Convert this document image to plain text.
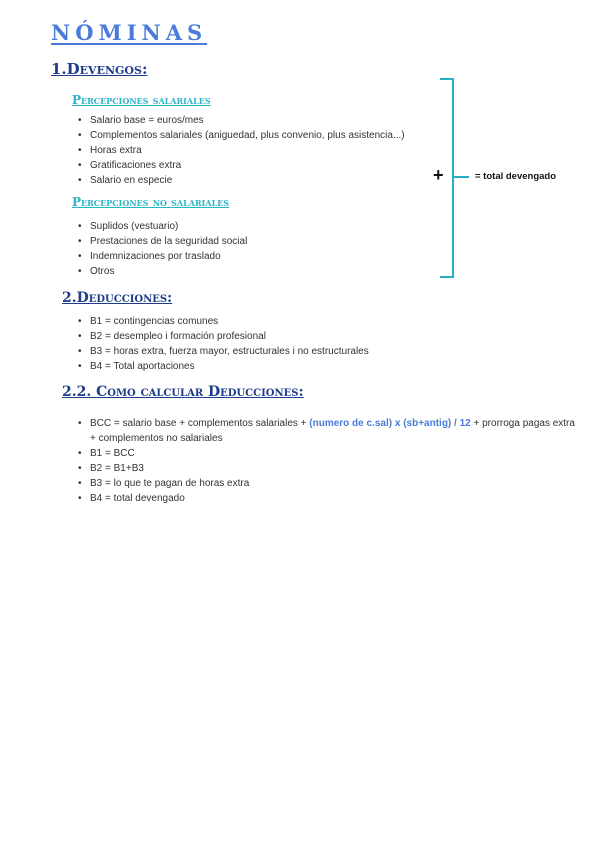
NÓMINAS
1.Devengos:
Percepciones salariales
• Salario base = euros/mes
• Complementos salariales (aniguedad, plus convenio, plus asistencia...)
• Horas extra
• Gratificaciones extra
• Salario en especie
Percepciones no salariales
• Suplidos (vestuario)
• Prestaciones de la seguridad social
• Indemnizaciones por traslado
• Otros
+	= total devengado
2.Deducciones:
• B1 = contingencias comunes
• B2 = desempleo i formación profesional
• B3 = horas extra, fuerza mayor, estructurales i no estructurales
• B4 = Total aportaciones
2.2. Como calcular Deducciones:
• BCC = salario base + complementos salariales + (numero de c.sal) x (sb+antig) / 12 + prorroga pagas extra + complementos no salariales
• B1 = BCC
• B2 = B1+B3
• B3 = lo que te pagan de horas extra
• B4 = total devengado
